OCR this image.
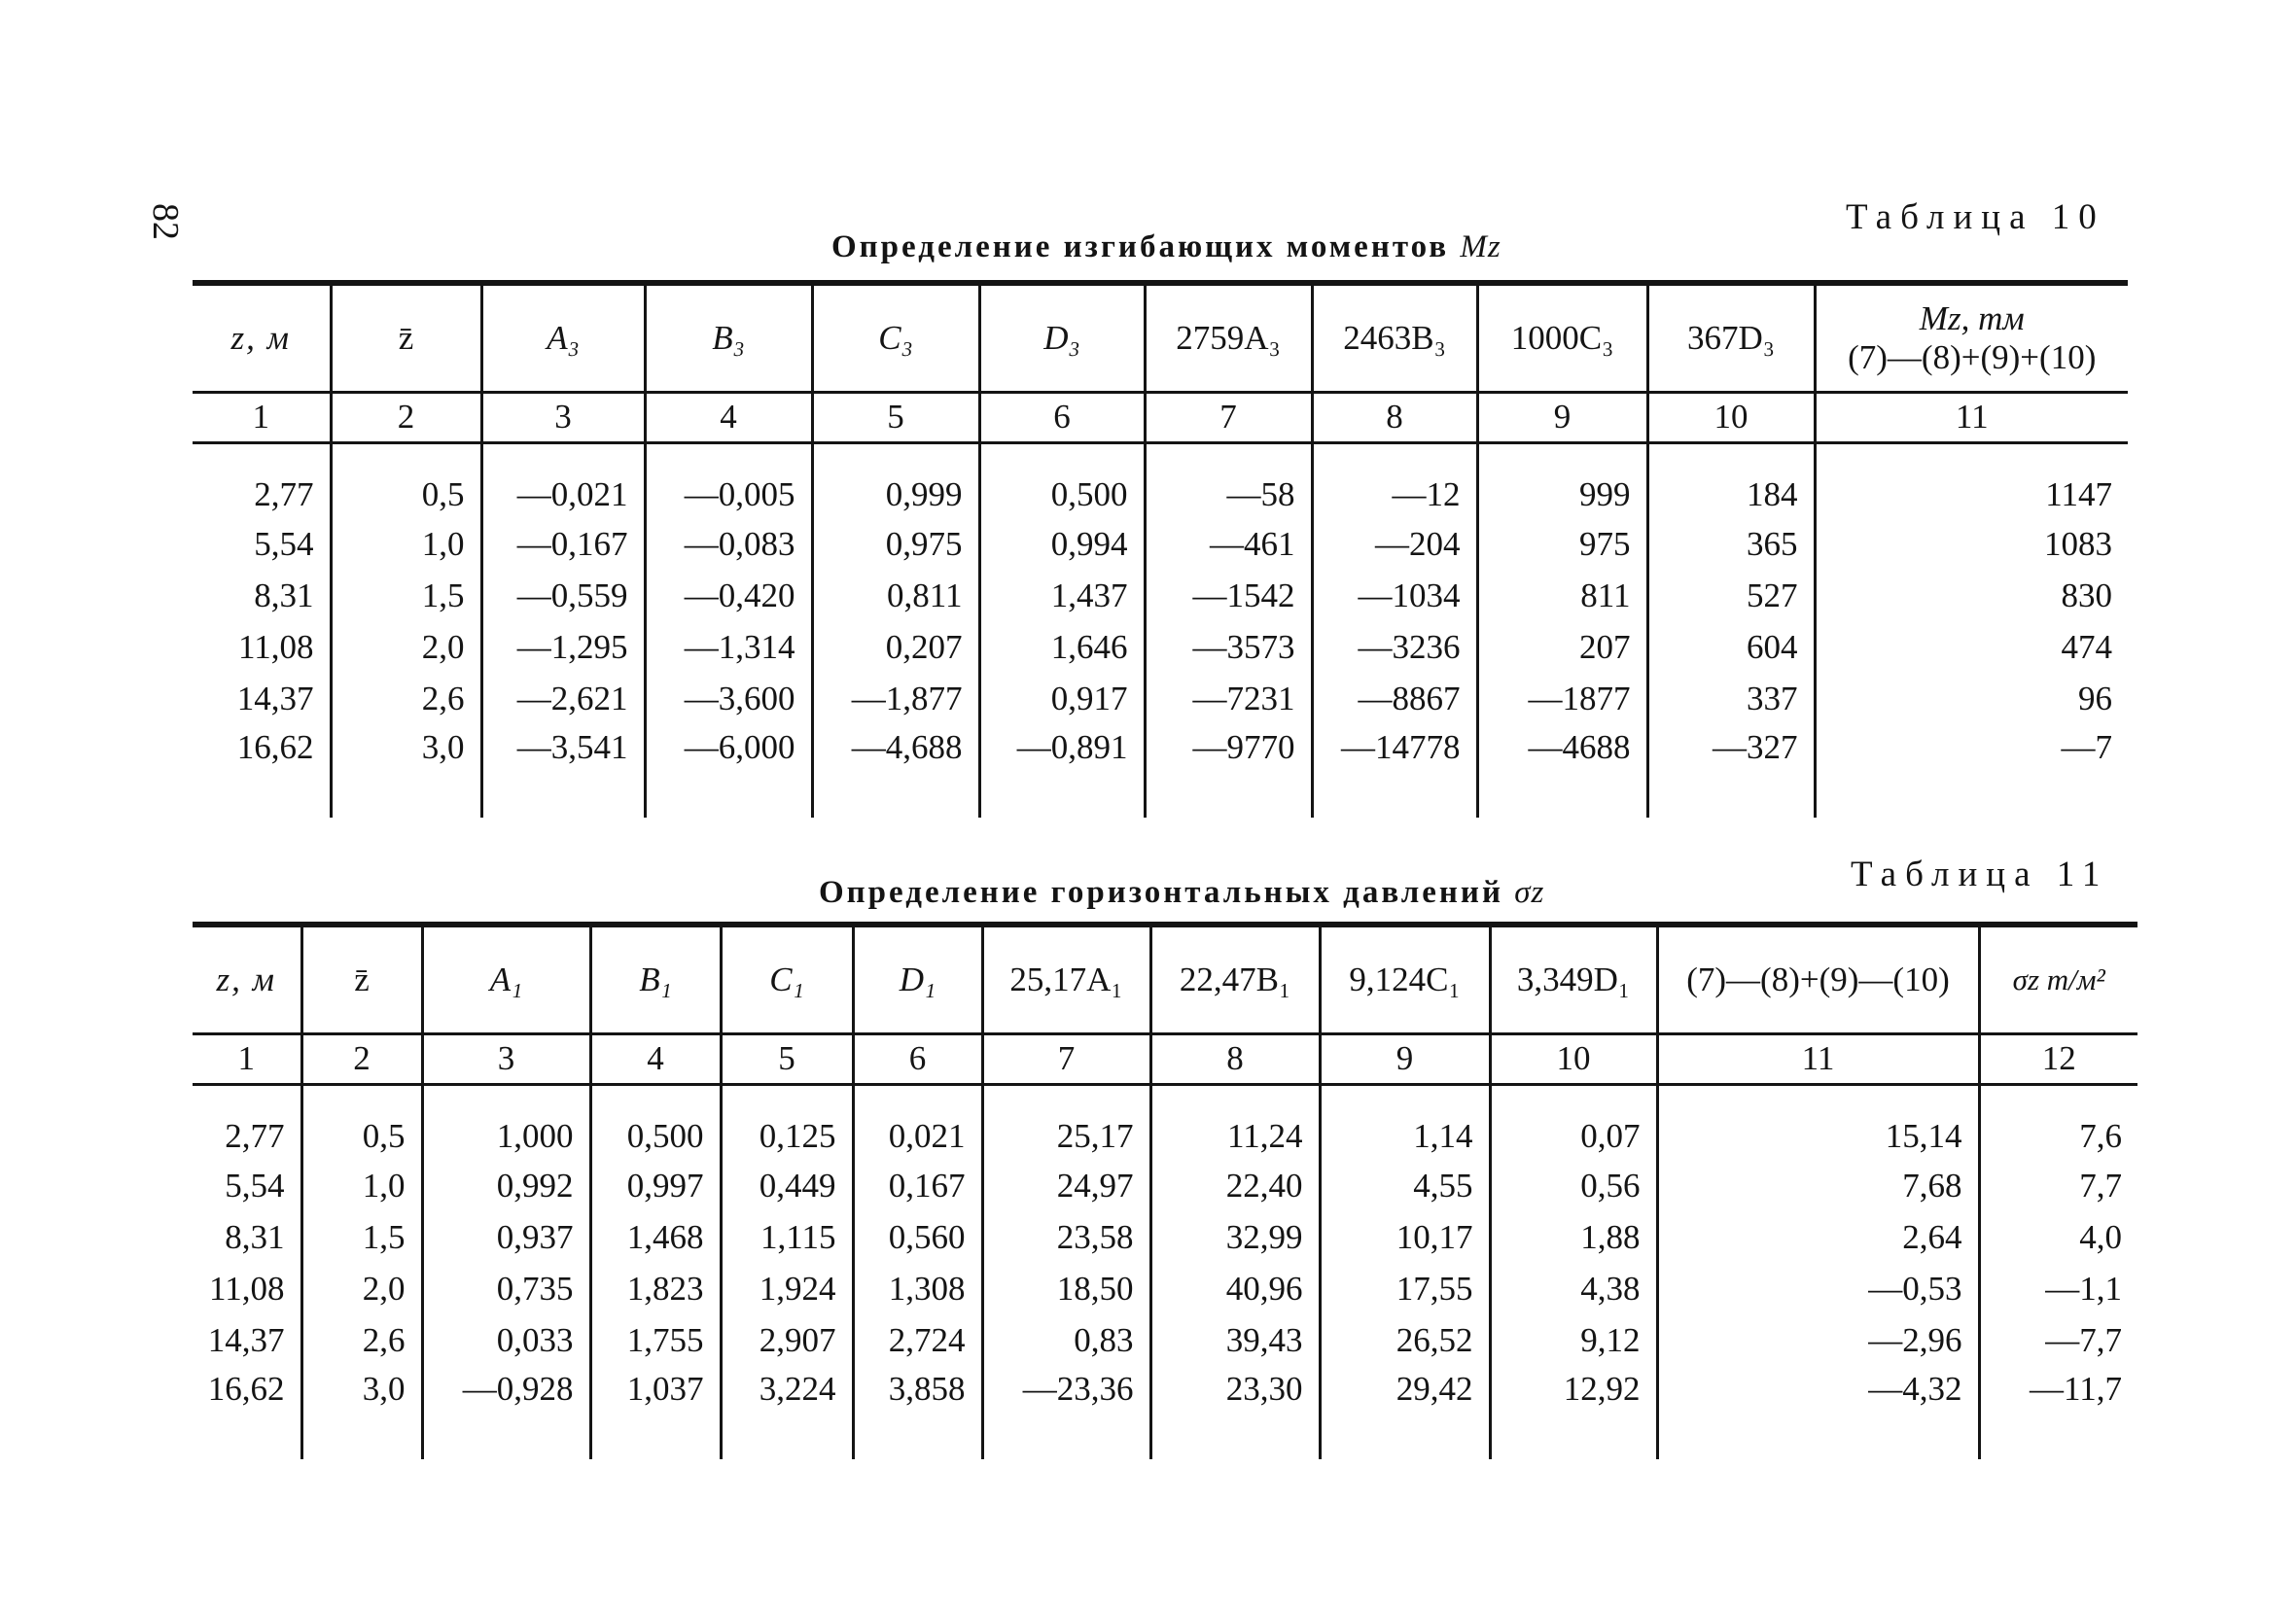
82	Таблица 10
Определение изгибающих моментов Mz
z, м	z̄	A₃	B₃	C₃	D₃	2759A₃	2463B₃	1000C₃	367D₃	Mz, тм
(7)—(8)+(9)+(10)

1	2	3	4	5	6	7	8	9	10	11
2,77	0,5	—0,021	—0,005	0,999	0,500	—58	—12	999	184	1147
5,54	1,0	—0,167	—0,083	0,975	0,994	—461	—204	975	365	1083
8,31	1,5	—0,559	—0,420	0,811	1,437	—1542	—1034	811	527	830
11,08	2,0	—1,295	—1,314	0,207	1,646	—3573	—3236	207	604	474
14,37	2,6	—2,621	—3,600	—1,877	0,917	—7231	—8867	—1877	337	96
16,62	3,0	—3,541	—6,000	—4,688	—0,891	—9770	—14778	—4688	—327	—7
Таблица 11
Определение горизонтальных давлений σz
z, м	z̄	A₁	B₁	C₁	D₁	25,17A₁	22,47B₁	9,124C₁	3,349D₁	(7)—(8)+(9)—(10)	σz т/м²
1	2	3	4	5	6	7	8	9	10	11	12
2,77	0,5	1,000	0,500	0,125	0,021	25,17	11,24	1,14	0,07	15,14	7,6
5,54	1,0	0,992	0,997	0,449	0,167	24,97	22,40	4,55	0,56	7,68	7,7
8,31	1,5	0,937	1,468	1,115	0,560	23,58	32,99	10,17	1,88	2,64	4,0
11,08	2,0	0,735	1,823	1,924	1,308	18,50	40,96	17,55	4,38	—0,53	—1,1
14,37	2,6	0,033	1,755	2,907	2,724	0,83	39,43	26,52	9,12	—2,96	—7,7
16,62	3,0	—0,928	1,037	3,224	3,858	—23,36	23,30	29,42	12,92	—4,32	—11,7
